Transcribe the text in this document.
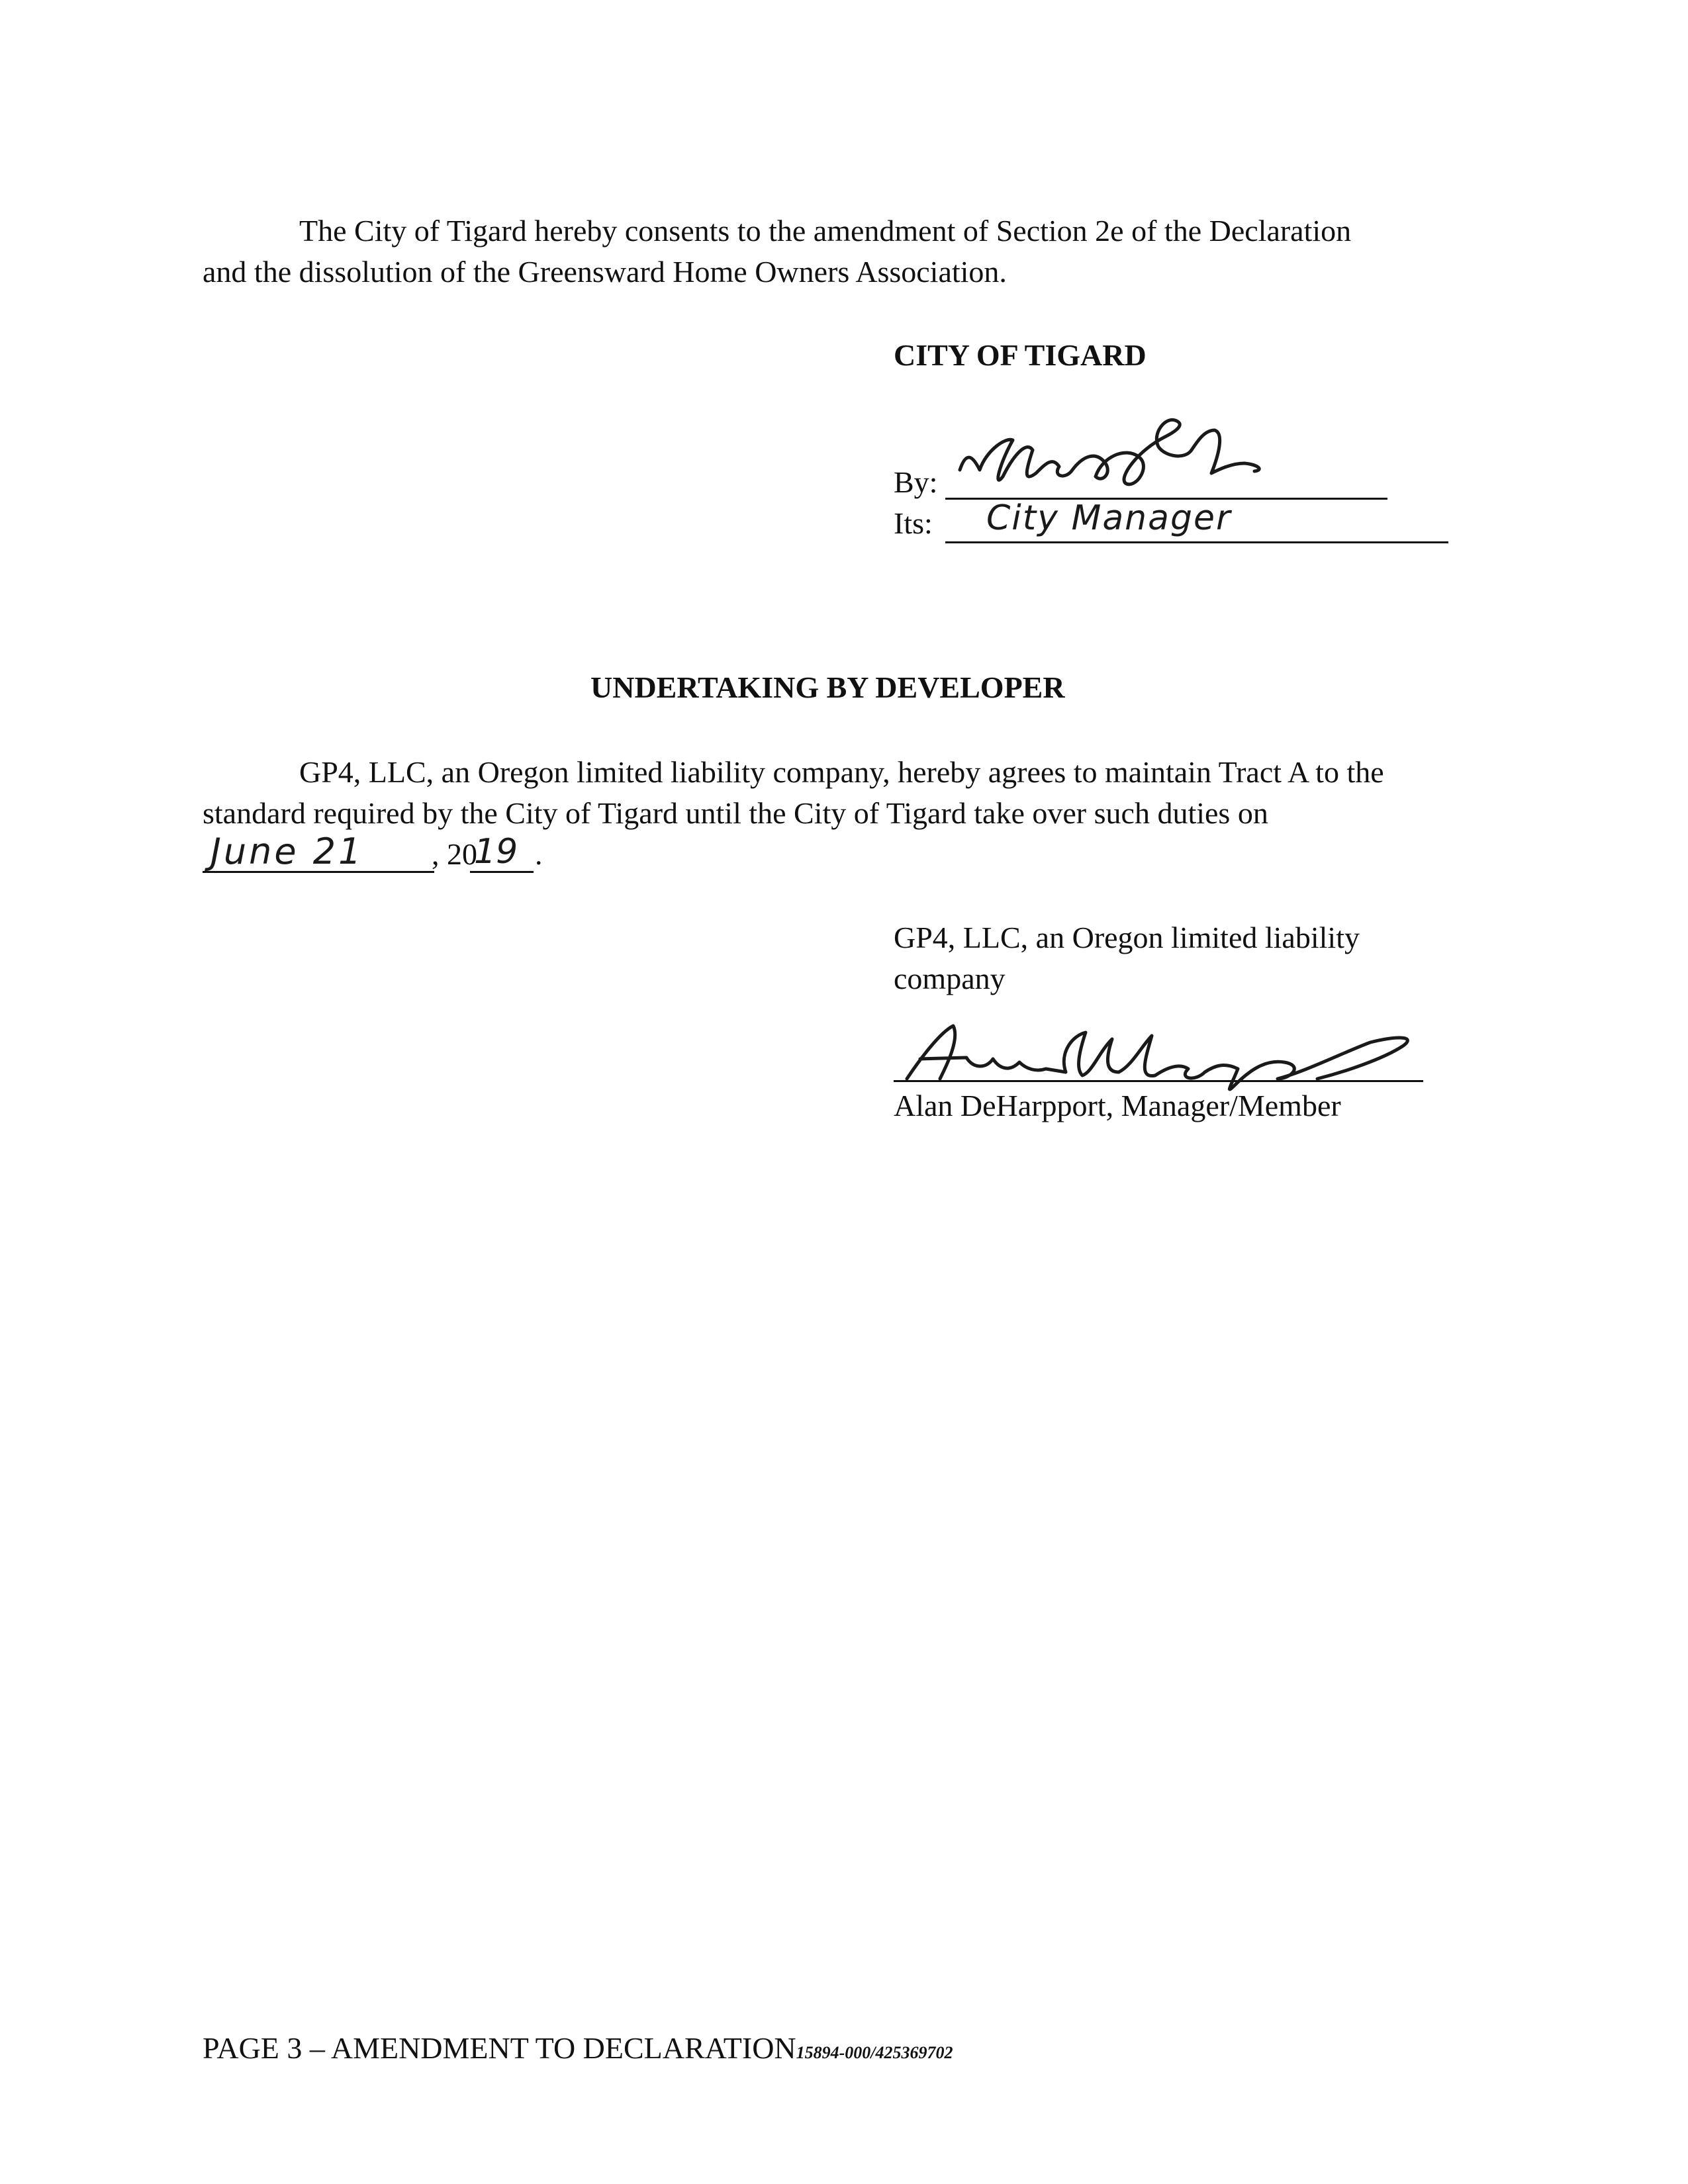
The City of Tigard hereby consents to the amendment of Section 2e of the Declaration
and the dissolution of the Greensward Home Owners Association.
CITY OF TIGARD
By:
Its: City Manager
UNDERTAKING BY DEVELOPER
GP4, LLC, an Oregon limited liability company, hereby agrees to maintain Tract A to the
standard required by the City of Tigard until the City of Tigard take over such duties on
June 21 , 20
19 .
GP4, LLC, an Oregon limited liability
company
Alan DeHarpport, Manager/Member
PAGE 3 – AMENDMENT TO DECLARATION15894-000/425369702
